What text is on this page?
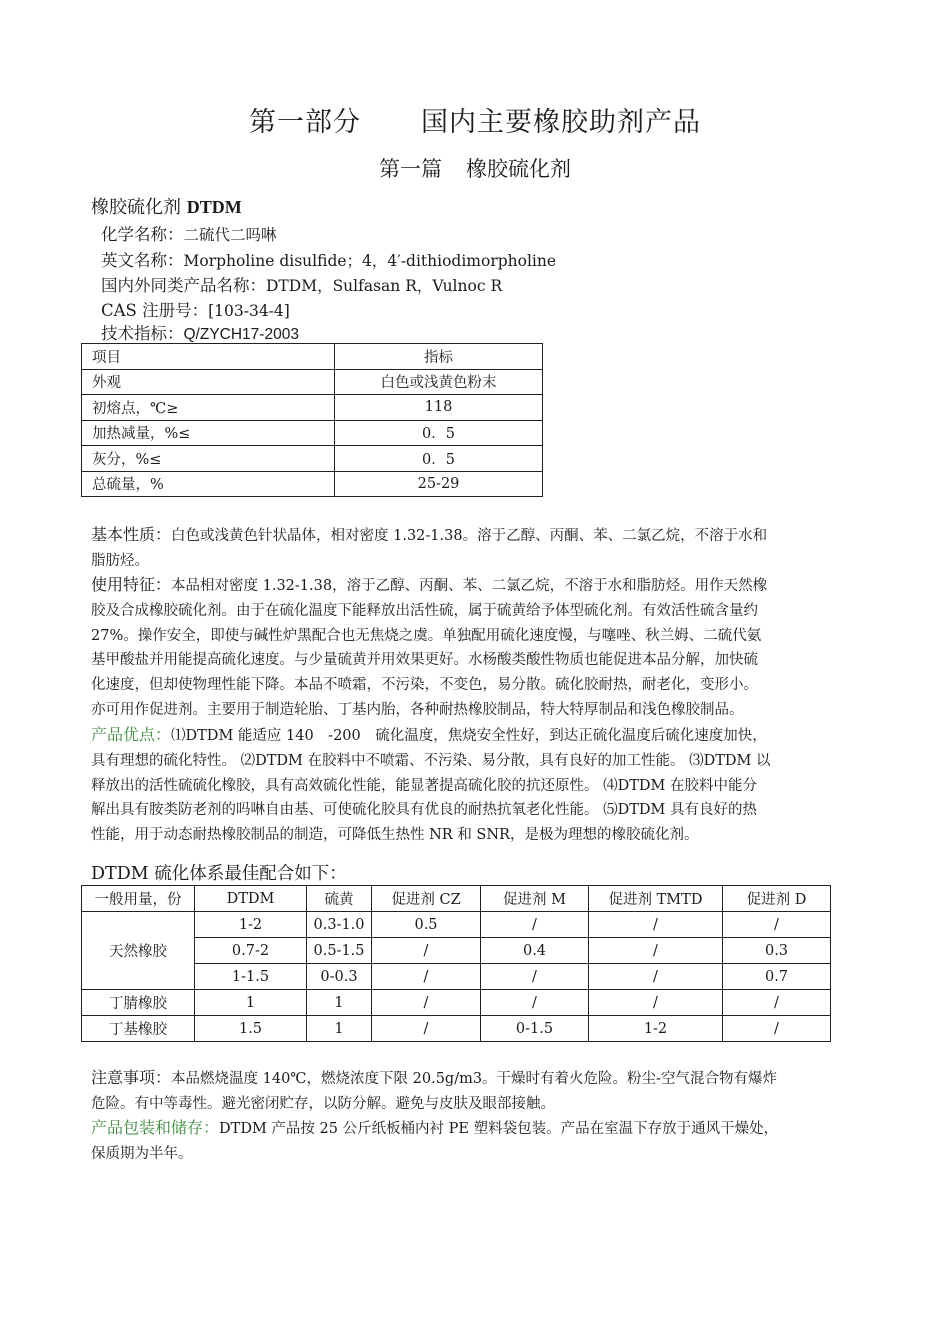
第一部分 国内主要橡胶助剂产品
第一篇 橡胶硫化剂
橡胶硫化剂 DTDM
化学名称：二硫代二吗啉
英文名称：Morpholine disulfide；4，4′-dithiodimorpholine
国内外同类产品名称：DTDM，Sulfasan R，Vulnoc R
CAS 注册号：[103-34-4]
技术指标：Q/ZYCH17-2003
项目	指标
外观	白色或浅黄色粉末
初熔点，℃≥	118
加热减量，%≤	0．5
灰分，%≤	0．5
总硫量，%	25-29
基本性质：白色或浅黄色针状晶体，相对密度 1.32-1.38。溶于乙醇、丙酮、苯、二氯乙烷，不溶于水和
脂肪烃。
使用特征：本品相对密度 1.32-1.38，溶于乙醇、丙酮、苯、二氯乙烷，不溶于水和脂肪烃。用作天然橡
胶及合成橡胶硫化剂。由于在硫化温度下能释放出活性硫，属于硫黄给予体型硫化剂。有效活性硫含量约
27%。操作安全，即使与碱性炉黑配合也无焦烧之虞。单独配用硫化速度慢，与噻唑、秋兰姆、二硫代氨
基甲酸盐并用能提高硫化速度。与少量硫黄并用效果更好。水杨酸类酸性物质也能促进本品分解，加快硫
化速度，但却使物理性能下降。本品不喷霜，不污染，不变色，易分散。硫化胶耐热，耐老化，变形小。
亦可用作促进剂。主要用于制造轮胎、丁基内胎，各种耐热橡胶制品，特大特厚制品和浅色橡胶制品。
产品优点：⑴DTDM 能适应 140　-200　硫化温度，焦烧安全性好，到达正硫化温度后硫化速度加快，
具有理想的硫化特性。 ⑵DTDM 在胶料中不喷霜、不污染、易分散，具有良好的加工性能。 ⑶DTDM 以
释放出的活性硫硫化橡胶，具有高效硫化性能，能显著提高硫化胶的抗还原性。 ⑷DTDM 在胶料中能分
解出具有胺类防老剂的吗啉自由基、可使硫化胶具有优良的耐热抗氧老化性能。 ⑸DTDM 具有良好的热
性能，用于动态耐热橡胶制品的制造，可降低生热性 NR 和 SNR，是极为理想的橡胶硫化剂。
DTDM 硫化体系最佳配合如下：
一般用量，份	DTDM	硫黄	促进剂 CZ	促进剂 M	促进剂 TMTD	促进剂 D
天然橡胶	1-2	0.3-1.0	0.5	/	/	/
	0.7-2	0.5-1.5	/	0.4	/	0.3
	1-1.5	0-0.3	/	/	/	0.7
丁腈橡胶	1	1	/	/	/	/
丁基橡胶	1.5	1	/	0-1.5	1-2	/
注意事项：本品燃烧温度 140℃，燃烧浓度下限 20.5g/m3。干燥时有着火危险。粉尘-空气混合物有爆炸
危险。有中等毒性。避光密闭贮存，以防分解。避免与皮肤及眼部接触。
产品包装和储存：DTDM 产品按 25 公斤纸板桶内衬 PE 塑料袋包装。产品在室温下存放于通风干燥处，
保质期为半年。
